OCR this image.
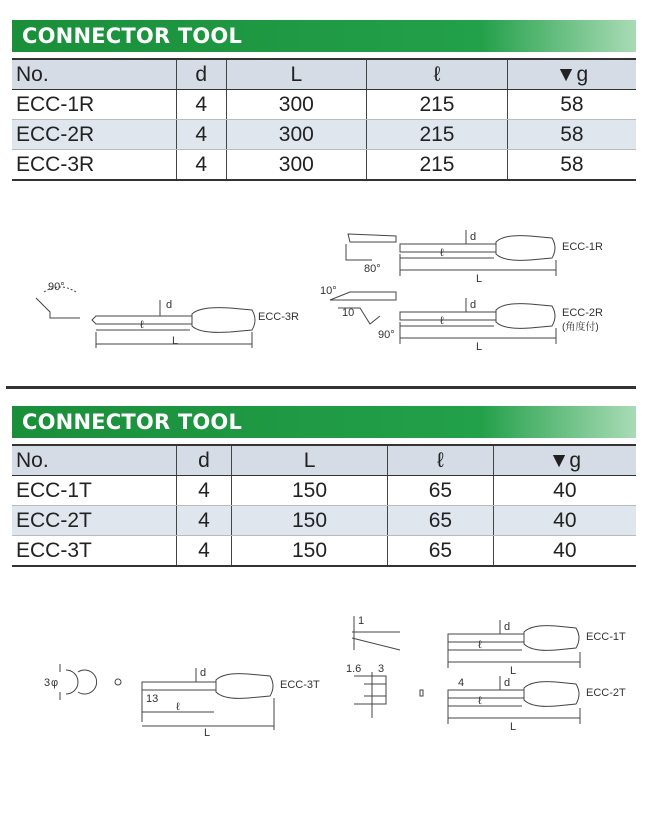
CONNECTOR TOOL
No.	d	L	ℓ	▼g
ECC-1R	4	300	215	58
ECC-2R	4	300	215	58
ECC-3R	4	300	215	58
90°
d
ℓ
L
ECC-3R
80°
d
ℓ
L
ECC-1R
10°
10
90°
d
ℓ
L
ECC-2R
(角度付)
CONNECTOR TOOL
No.	d	L	ℓ	▼g
ECC-1T	4	150	65	40
ECC-2T	4	150	65	40
ECC-3T	4	150	65	40
3 φ
d
13
ℓ
L
ECC-3T
1
1.6 3
d
ℓ
L
ECC-1T
4	d
ℓ
L
ECC-2T
